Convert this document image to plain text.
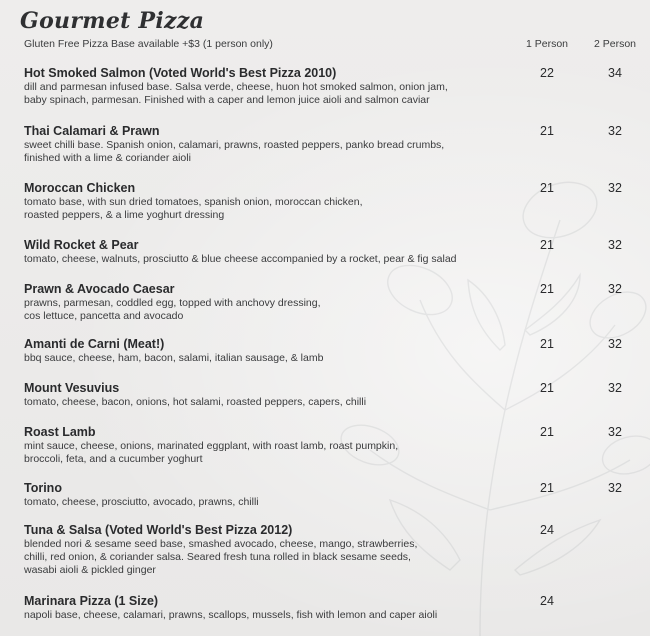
Gourmet Pizza
Gluten Free Pizza Base available +$3 (1 person only)	1 Person	2 Person
Hot Smoked Salmon (Voted World's Best Pizza 2010)
dill and parmesan infused base. Salsa verde, cheese, huon hot smoked salmon, onion jam,
baby spinach, parmesan. Finished with a caper and lemon juice aioli and salmon caviar
22	34
Thai Calamari & Prawn
sweet chilli base. Spanish onion, calamari, prawns, roasted peppers, panko bread crumbs,
finished with a lime & coriander aioli
21	32
Moroccan Chicken
tomato base, with sun dried tomatoes, spanish onion, moroccan chicken,
roasted peppers, & a lime yoghurt dressing
21	32
Wild Rocket & Pear
tomato, cheese, walnuts, prosciutto & blue cheese accompanied by a rocket, pear & fig salad
21	32
Prawn & Avocado Caesar
prawns, parmesan, coddled egg, topped with anchovy dressing,
cos lettuce, pancetta and avocado
21	32
Amanti de Carni (Meat!)
bbq sauce, cheese, ham, bacon, salami, italian sausage, & lamb
21	32
Mount Vesuvius
tomato, cheese, bacon, onions, hot salami, roasted peppers, capers, chilli
21	32
Roast Lamb
mint sauce, cheese, onions, marinated eggplant, with roast lamb, roast pumpkin,
broccoli, feta, and a cucumber yoghurt
21	32
Torino
tomato, cheese, prosciutto, avocado, prawns, chilli
21	32
Tuna & Salsa (Voted World's Best Pizza 2012)
blended nori & sesame seed base, smashed avocado, cheese, mango, strawberries,
chilli, red onion, & coriander salsa. Seared fresh tuna rolled in black sesame seeds,
wasabi aioli & pickled ginger
24
Marinara Pizza (1 Size)
napoli base, cheese, calamari, prawns, scallops, mussels, fish with lemon and caper aioli
24
